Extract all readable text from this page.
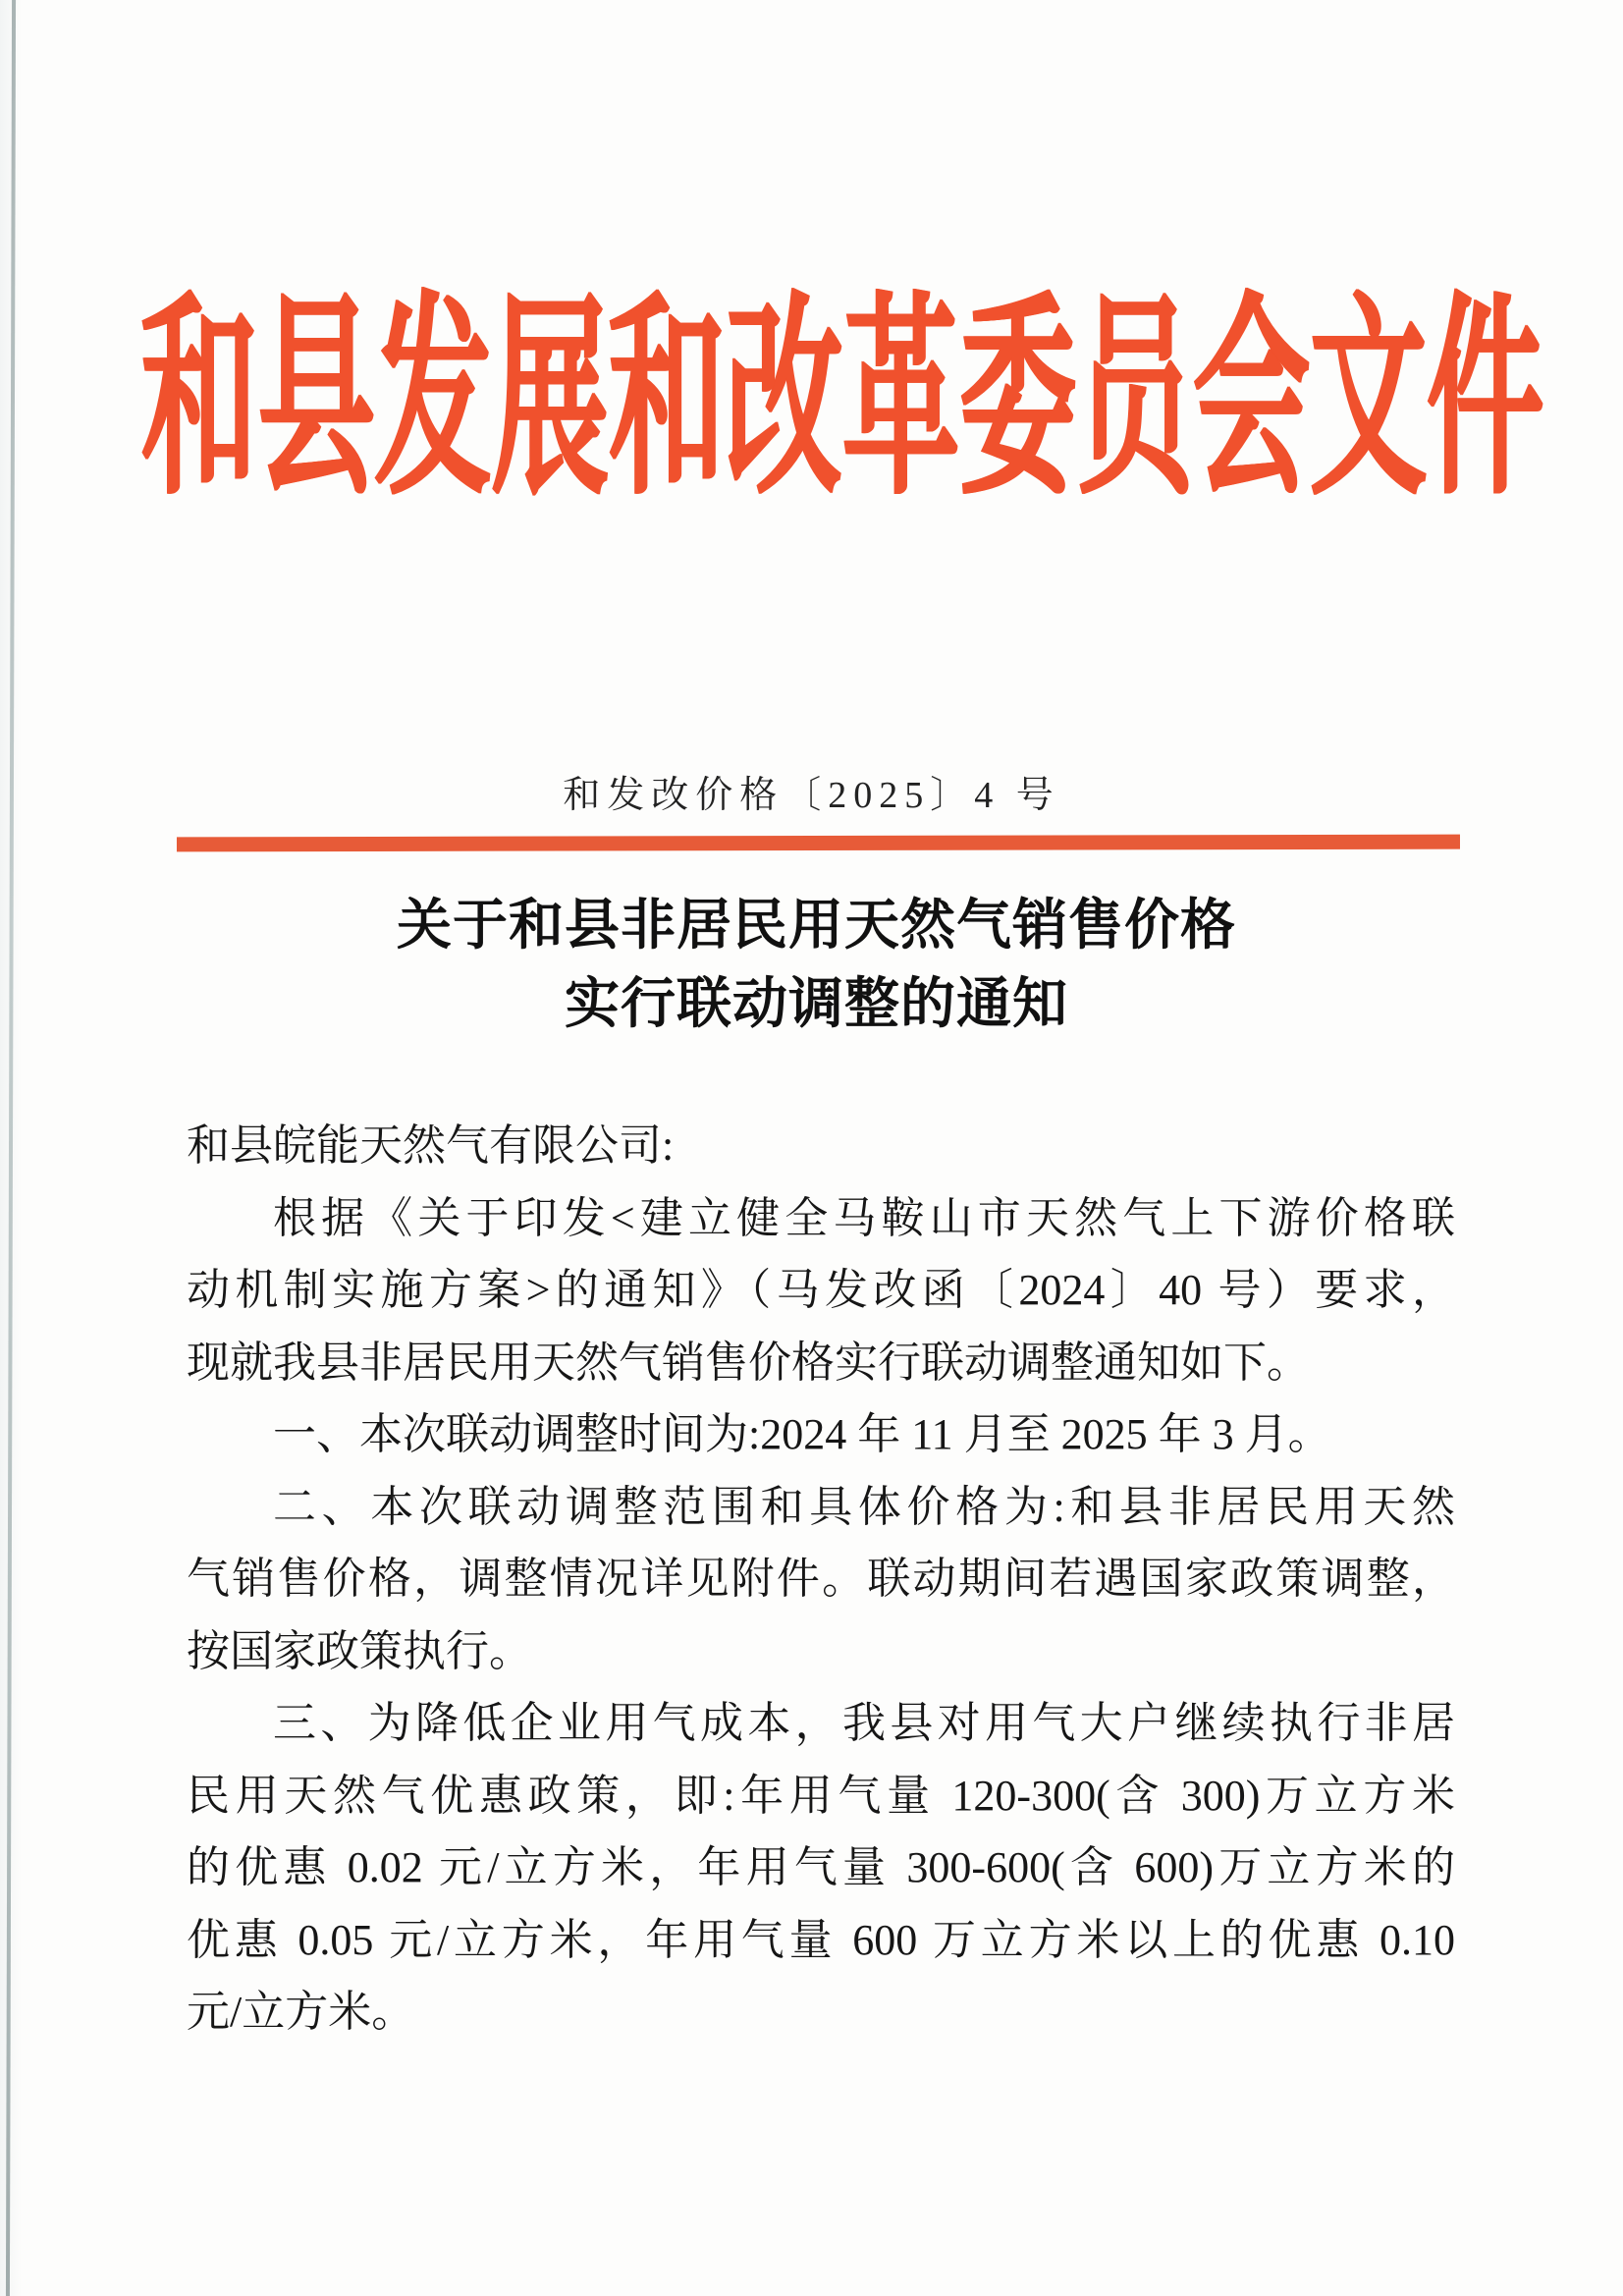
和县发展和改革委员会文件
和发改价格〔2025〕4 号
关于和县非居民用天然气销售价格
实行联动调整的通知
和县皖能天然气有限公司:
根据《关于印发<建立健全马鞍山市天然气上下游价格联
动机制实施方案>的通知》（马发改函〔2024〕40 号）要求，
现就我县非居民用天然气销售价格实行联动调整通知如下。
一、本次联动调整时间为:2024 年 11 月至 2025 年 3 月。
二、本次联动调整范围和具体价格为:和县非居民用天然
气销售价格，调整情况详见附件。联动期间若遇国家政策调整，
按国家政策执行。
三、为降低企业用气成本，我县对用气大户继续执行非居
民用天然气优惠政策，即:年用气量 120-300(含 300)万立方米
的优惠 0.02 元/立方米，年用气量 300-600(含 600)万立方米的
优惠 0.05 元/立方米，年用气量 600 万立方米以上的优惠 0.10
元/立方米。
